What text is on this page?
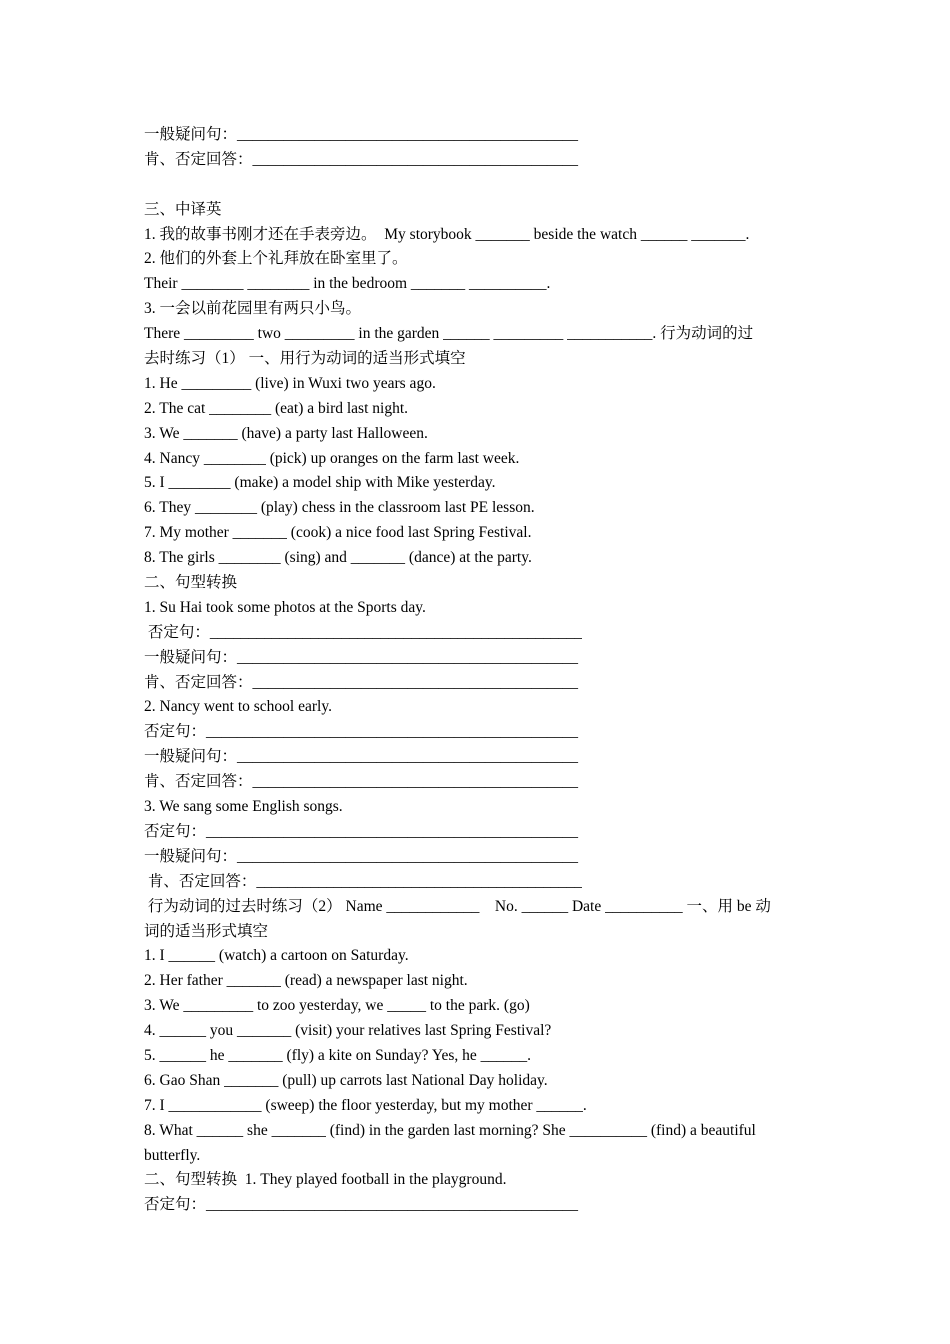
一般疑问句：____________________________________________
肯、否定回答：__________________________________________
三、中译英
1. 我的故事书刚才还在手表旁边。  My storybook _______ beside the watch ______ _______.
2. 他们的外套上个礼拜放在卧室里了。
Their ________ ________ in the bedroom _______ __________.
3. 一会以前花园里有两只小鸟。
There _________ two _________ in the garden ______ _________ ___________. 行为动词的过
去时练习（1） 一、用行为动词的适当形式填空
1. He _________ (live) in Wuxi two years ago.
2. The cat ________ (eat) a bird last night.
3. We _______ (have) a party last Halloween.
4. Nancy ________ (pick) up oranges on the farm last week.
5. I ________ (make) a model ship with Mike yesterday.
6. They ________ (play) chess in the classroom last PE lesson.
7. My mother _______ (cook) a nice food last Spring Festival.
8. The girls ________ (sing) and _______ (dance) at the party.
二、句型转换
1. Su Hai took some photos at the Sports day.
否定句：________________________________________________
一般疑问句：____________________________________________
肯、否定回答：__________________________________________
2. Nancy went to school early.
否定句：________________________________________________
一般疑问句：____________________________________________
肯、否定回答：__________________________________________
3. We sang some English songs.
否定句：________________________________________________
一般疑问句：____________________________________________
肯、否定回答：__________________________________________
行为动词的过去时练习（2） Name ____________    No. ______ Date __________ 一、用 be 动
词的适当形式填空
1. I ______ (watch) a cartoon on Saturday.
2. Her father _______ (read) a newspaper last night.
3. We _________ to zoo yesterday, we _____ to the park. (go)
4. ______ you _______ (visit) your relatives last Spring Festival?
5. ______ he _______ (fly) a kite on Sunday? Yes, he ______.
6. Gao Shan _______ (pull) up carrots last National Day holiday.
7. I ____________ (sweep) the floor yesterday, but my mother ______.
8. What ______ she _______ (find) in the garden last morning? She __________ (find) a beautiful
butterfly.
二、句型转换  1. They played football in the playground.
否定句：________________________________________________
